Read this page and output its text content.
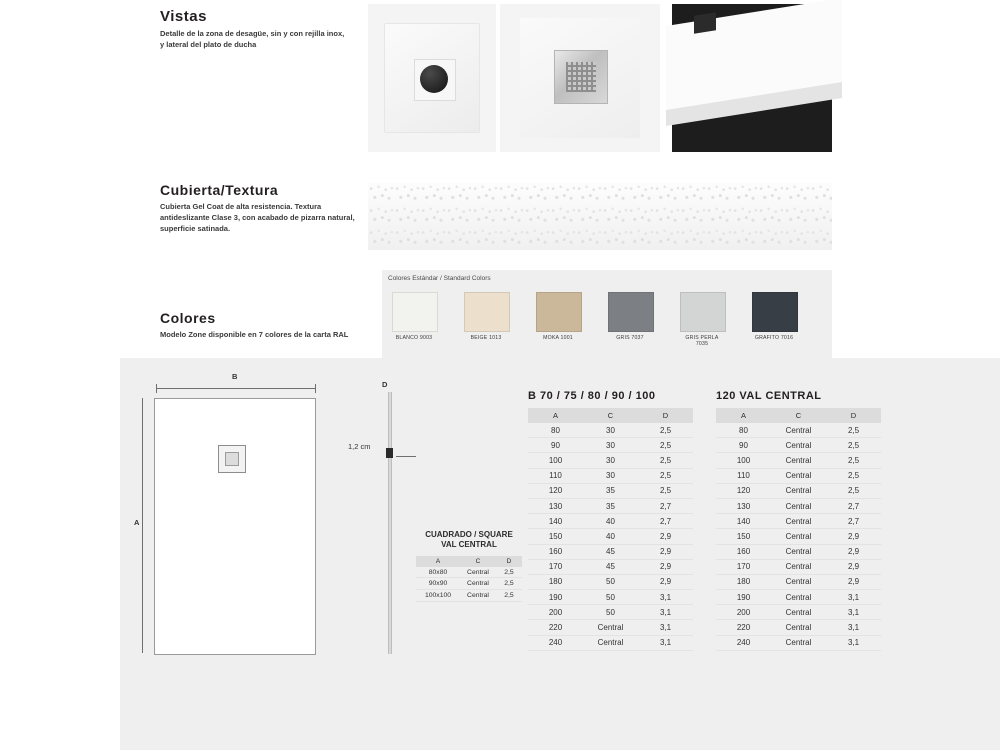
Vistas
Detalle de la zona de desagüe, sin y con rejilla inox, y lateral del plato de ducha
Cubierta/Textura
Cubierta Gel Coat de alta resistencia. Textura antideslizante Clase 3, con acabado de pizarra natural, superficie satinada.
Colores
Modelo Zone disponible en 7 colores de la carta RAL
Colores Estándar / Standard Colors
BLANCO 9003	BEIGE 1013	MOKA 1001	GRIS 7037	GRIS PERLA 7035
GRAFITO 7016
B
A
D
1,2 cm
B 70 / 75 / 80 / 90 / 100
A	C	D
80	30	2,5
90	30	2,5
100	30	2,5
110	30	2,5
120	35	2,5
130	35	2,7
140	40	2,7
150	40	2,9
160	45	2,9
170	45	2,9
180	50	2,9
190	50	3,1
200	50	3,1
220	Central	3,1
240	Central	3,1
120 VAL CENTRAL
A	C	D
80	Central	2,5
90	Central	2,5
100	Central	2,5
110	Central	2,5
120	Central	2,5
130	Central	2,7
140	Central	2,7
150	Central	2,9
160	Central	2,9
170	Central	2,9
180	Central	2,9
190	Central	3,1
200	Central	3,1
220	Central	3,1
240	Central	3,1
CUADRADO / SQUARE
VAL CENTRAL
A	C	D
80x80	Central	2,5
90x90	Central	2,5
100x100	Central	2,5
